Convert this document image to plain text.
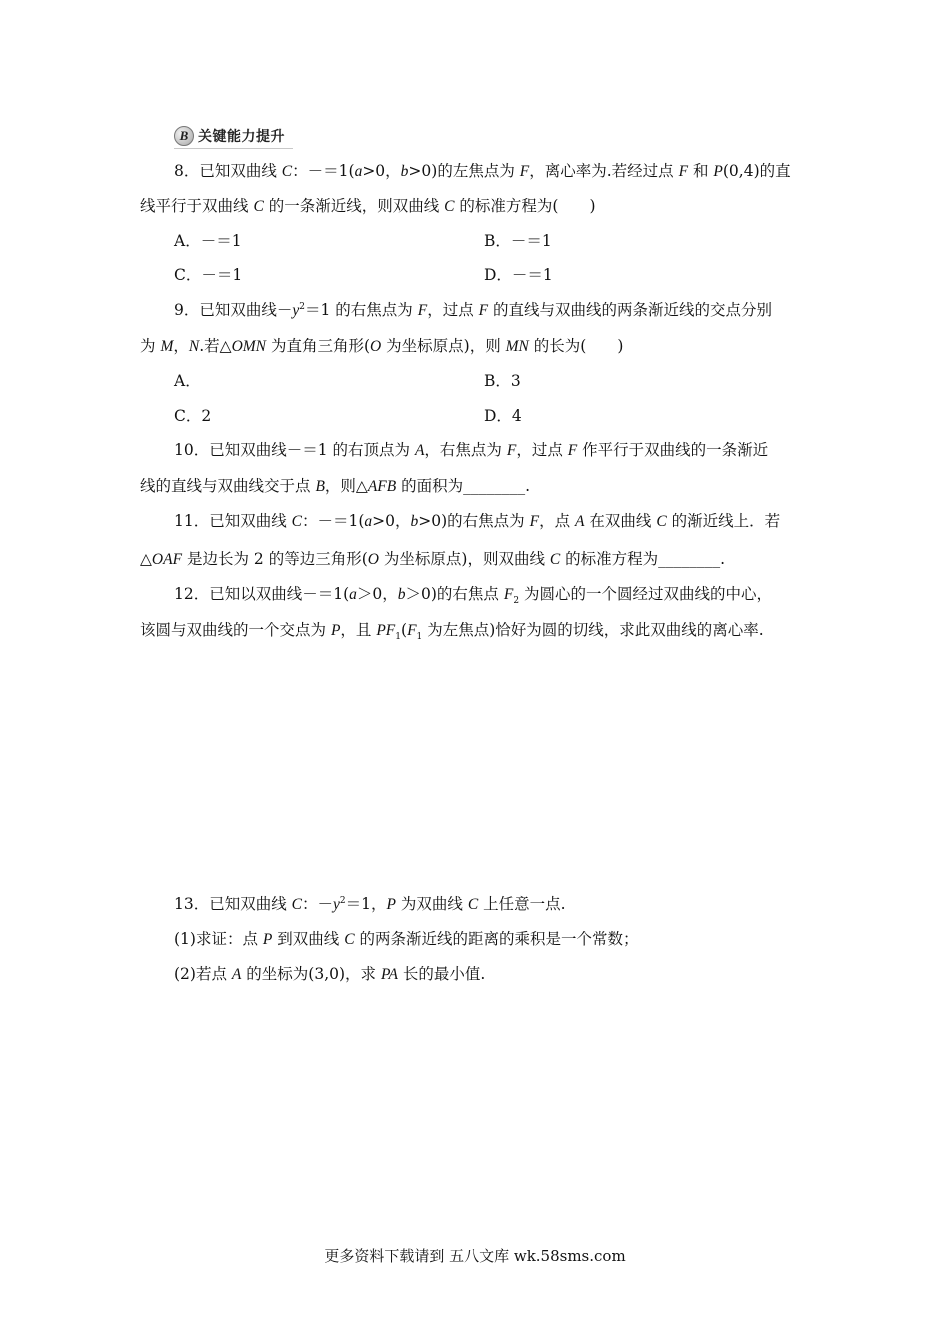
B 关键能力提升
8．已知双曲线 C：－＝1(a>0，b>0)的左焦点为 F，离心率为.若经过点 F 和 P(0,4)的直
线平行于双曲线 C 的一条渐近线，则双曲线 C 的标准方程为(　　)
A．－＝1	B．－＝1
C．－＝1	D．－＝1
9．已知双曲线$-y^2=1$ 的右焦点为 F，过点 F 的直线与双曲线的两条渐近线的交点分别
为 M，N.若△OMN 为直角三角形(O 为坐标原点)，则 MN 的长为(　　)
A．	B．3
C．2	D．4
10．已知双曲线－＝1 的右顶点为 A，右焦点为 F，过点 F 作平行于双曲线的一条渐近
线的直线与双曲线交于点 B，则△AFB 的面积为________.
11．已知双曲线 C：－＝1(a>0，b>0)的右焦点为 F，点 A 在双曲线 C 的渐近线上．若
△OAF 是边长为 2 的等边三角形(O 为坐标原点)，则双曲线 C 的标准方程为________.
12．已知以双曲线－＝1(a＞0，b＞0)的右焦点 $F_2$ 为圆心的一个圆经过双曲线的中心，
该圆与双曲线的一个交点为 P，且 $PF_1(F_1$ 为左焦点)恰好为圆的切线，求此双曲线的离心率.
13．已知双曲线 C：$-y^2=1$，P 为双曲线 C 上任意一点.
(1)求证：点 P 到双曲线 C 的两条渐近线的距离的乘积是一个常数；
(2)若点 A 的坐标为(3,0)，求 PA 长的最小值.
更多资料下载请到 五八文库 wk.58sms.com
